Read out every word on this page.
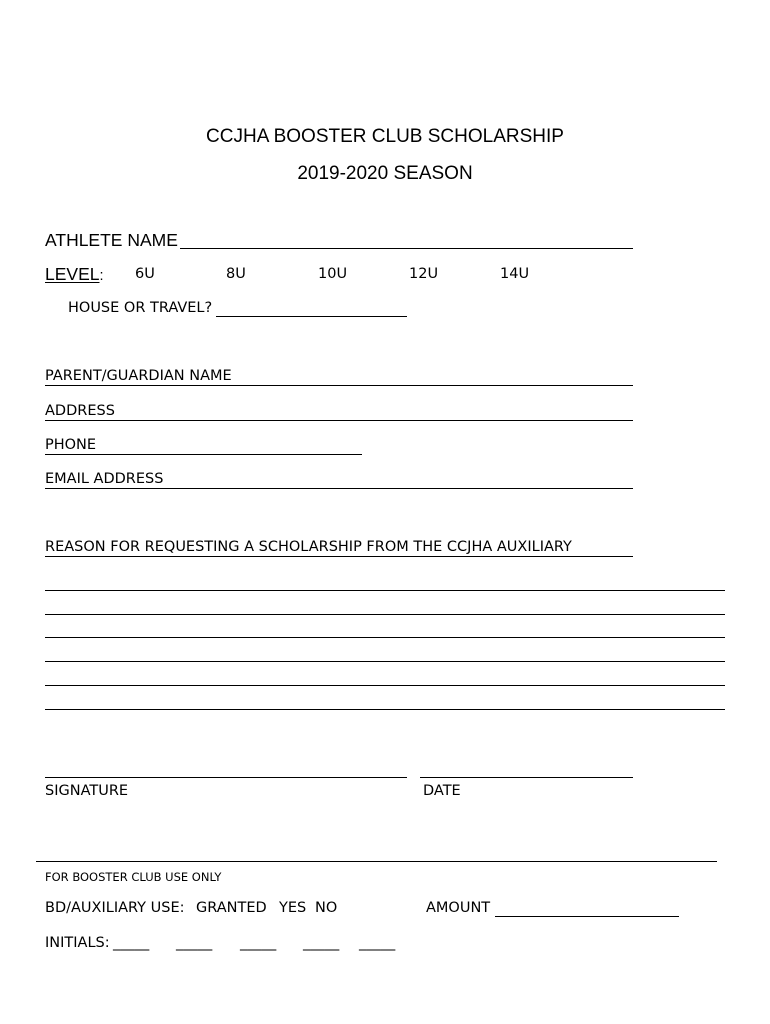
CCJHA BOOSTER CLUB SCHOLARSHIP
2019-2020 SEASON
ATHLETE NAME
LEVEL: 6U	8U	10U	12U	14U
HOUSE OR TRAVEL?
PARENT/GUARDIAN NAME
ADDRESS
PHONE
EMAIL ADDRESS
REASON FOR REQUESTING A SCHOLARSHIP FROM THE CCJHA AUXILIARY
SIGNATURE	DATE
FOR BOOSTER CLUB USE ONLY
BD/AUXILIARY USE: GRANTED YES NO	AMOUNT
INITIALS: _____ _____ _____ _____ _____
